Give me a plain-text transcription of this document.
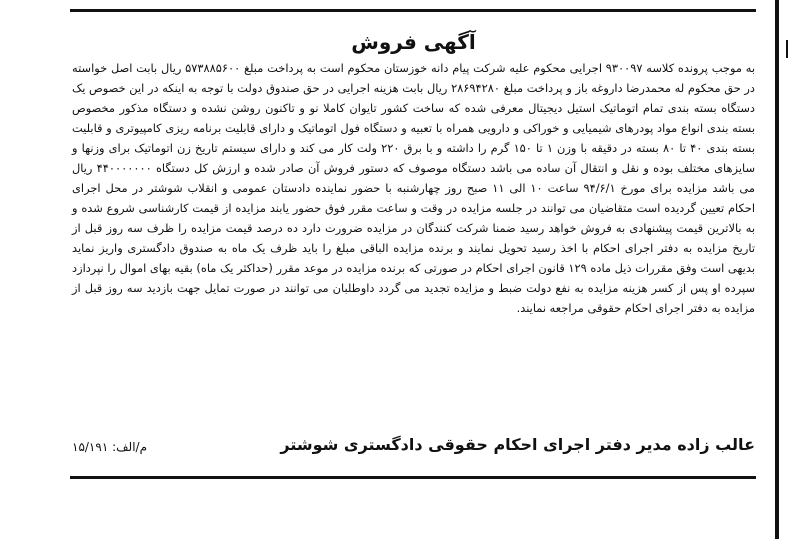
آگهی فروش

به موجب پرونده کلاسه ۹۳۰۰۹۷ اجرایی محکوم علیه شرکت پیام دانه خوزستان محکوم است به پرداخت مبلغ ۵۷۳۸۸۵۶۰۰ ریال بابت اصل خواسته در حق محکوم له محمدرضا داروغه باز و پرداخت مبلغ ۲۸۶۹۴۲۸۰ ریال بابت هزینه اجرایی در حق صندوق دولت با توجه به اینکه در این خصوص یک دستگاه بسته بندی تمام اتوماتیک استیل دیجیتال معرفی شده که ساخت کشور تایوان کاملا نو و تاکنون روشن نشده و دستگاه مذکور مخصوص بسته بندی انواع مواد پودرهای شیمیایی و خوراکی و دارویی همراه با تعبیه و دستگاه فول اتوماتیک و دارای قابلیت برنامه ریزی کامپیوتری و قابلیت بسته بندی ۴۰ تا ۸۰ بسته در دقیقه با وزن ۱ تا ۱۵۰ گرم را داشته و با برق ۲۲۰ ولت کار می کند و دارای سیستم تاریخ زن اتوماتیک برای وزنها و سایزهای مختلف بوده و نقل و انتقال آن ساده می باشد دستگاه موصوف که دستور فروش آن صادر شده و ارزش کل دستگاه ۴۴۰۰۰۰۰۰۰ ریال می باشد مزایده برای مورخ ۹۴/۶/۱ ساعت ۱۰ الی ۱۱ صبح روز چهارشنبه با حضور نماینده دادستان عمومی و انقلاب شوشتر در محل اجرای احکام تعیین گردیده است متقاضیان می توانند در جلسه مزایده در وقت و ساعت مقرر فوق حضور یابند مزایده از قیمت کارشناسی شروع شده و به بالاترین قیمت پیشنهادی به فروش خواهد رسید ضمنا شرکت کنندگان در مزایده ضرورت دارد ده درصد قیمت مزایده را ظرف سه روز قبل از تاریخ مزایده به دفتر اجرای احکام با اخذ رسید تحویل نمایند و برنده مزایده الباقی مبلغ را باید ظرف یک ماه به صندوق دادگستری واریز نماید بدیهی است وفق مقررات ذیل ماده ۱۲۹ قانون اجرای احکام در صورتی که برنده مزایده در موعد مقرر (حداکثر یک ماه) بقیه بهای اموال را نپردازد سپرده او پس از کسر هزینه مزایده به نفع دولت ضبط و مزایده تجدید می گردد داوطلبان می توانند در صورت تمایل جهت بازدید سه روز قبل از مزایده به دفتر اجرای احکام حقوقی مراجعه نمایند.

عالب زاده مدیر دفتر اجرای احکام حقوقی دادگستری شوشتر
م/الف: ۱۵/۱۹۱
